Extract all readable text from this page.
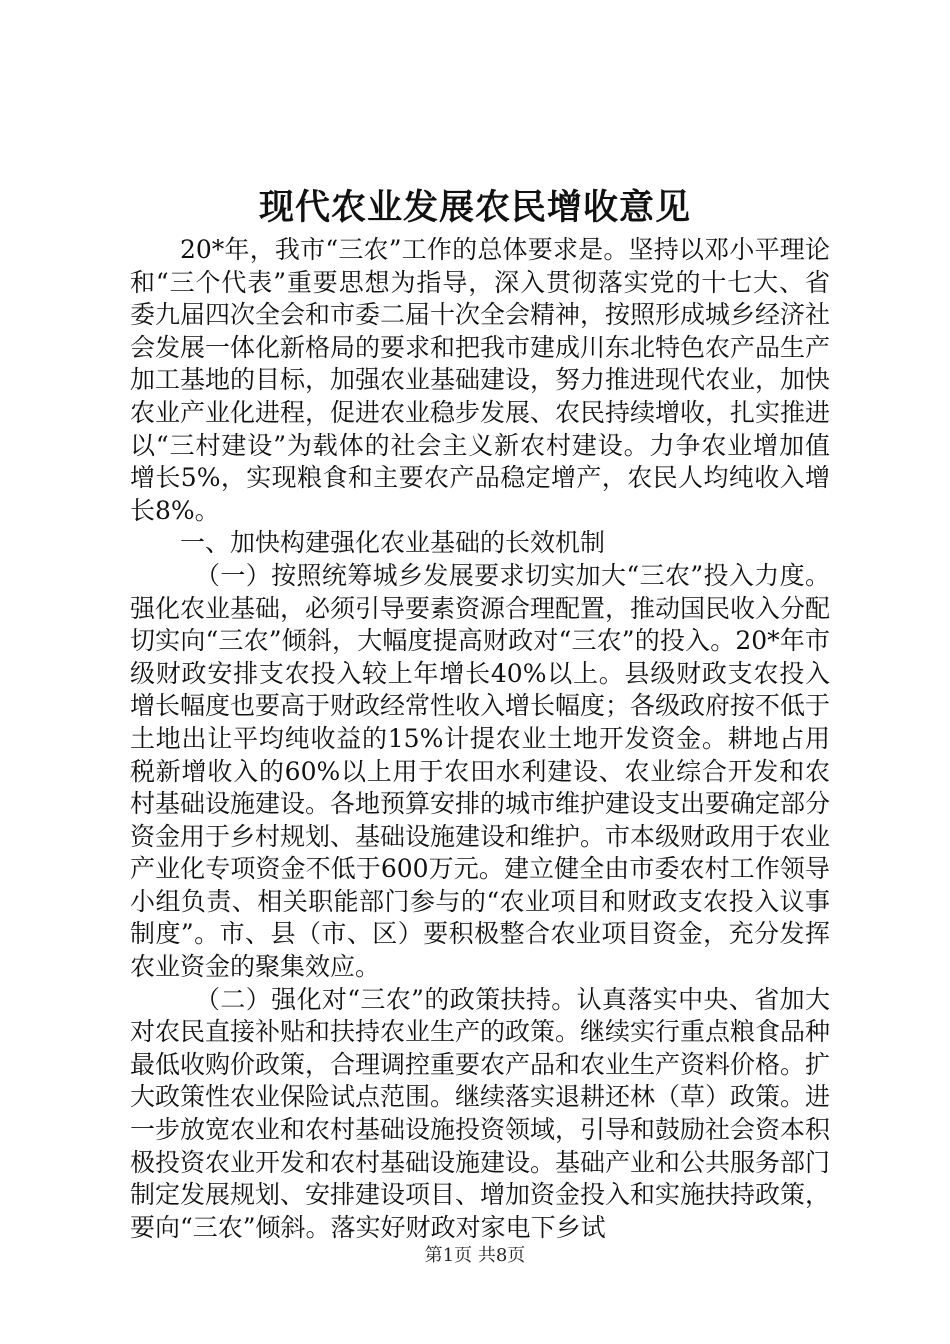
现代农业发展农民增收意见

20*年，我市“三农”工作的总体要求是。坚持以邓小平理论和“三个代表”重要思想为指导，深入贯彻落实党的十七大、省委九届四次全会和市委二届十次全会精神，按照形成城乡经济社会发展一体化新格局的要求和把我市建成川东北特色农产品生产加工基地的目标，加强农业基础建设，努力推进现代农业，加快农业产业化进程，促进农业稳步发展、农民持续增收，扎实推进以“三村建设”为载体的社会主义新农村建设。力争农业增加值增长5%，实现粮食和主要农产品稳定增产，农民人均纯收入增长8%。

一、加快构建强化农业基础的长效机制

（一）按照统筹城乡发展要求切实加大“三农”投入力度。强化农业基础，必须引导要素资源合理配置，推动国民收入分配切实向“三农”倾斜，大幅度提高财政对“三农”的投入。20*年市级财政安排支农投入较上年增长40%以上。县级财政支农投入增长幅度也要高于财政经常性收入增长幅度；各级政府按不低于土地出让平均纯收益的15%计提农业土地开发资金。耕地占用税新增收入的60%以上用于农田水利建设、农业综合开发和农村基础设施建设。各地预算安排的城市维护建设支出要确定部分资金用于乡村规划、基础设施建设和维护。市本级财政用于农业产业化专项资金不低于600万元。建立健全由市委农村工作领导小组负责、相关职能部门参与的“农业项目和财政支农投入议事制度”。市、县（市、区）要积极整合农业项目资金，充分发挥农业资金的聚集效应。

（二）强化对“三农”的政策扶持。认真落实中央、省加大对农民直接补贴和扶持农业生产的政策。继续实行重点粮食品种最低收购价政策，合理调控重要农产品和农业生产资料价格。扩大政策性农业保险试点范围。继续落实退耕还林（草）政策。进一步放宽农业和农村基础设施投资领域，引导和鼓励社会资本积极投资农业开发和农村基础设施建设。基础产业和公共服务部门制定发展规划、安排建设项目、增加资金投入和实施扶持政策，要向“三农”倾斜。落实好财政对家电下乡试

第1页 共8页
